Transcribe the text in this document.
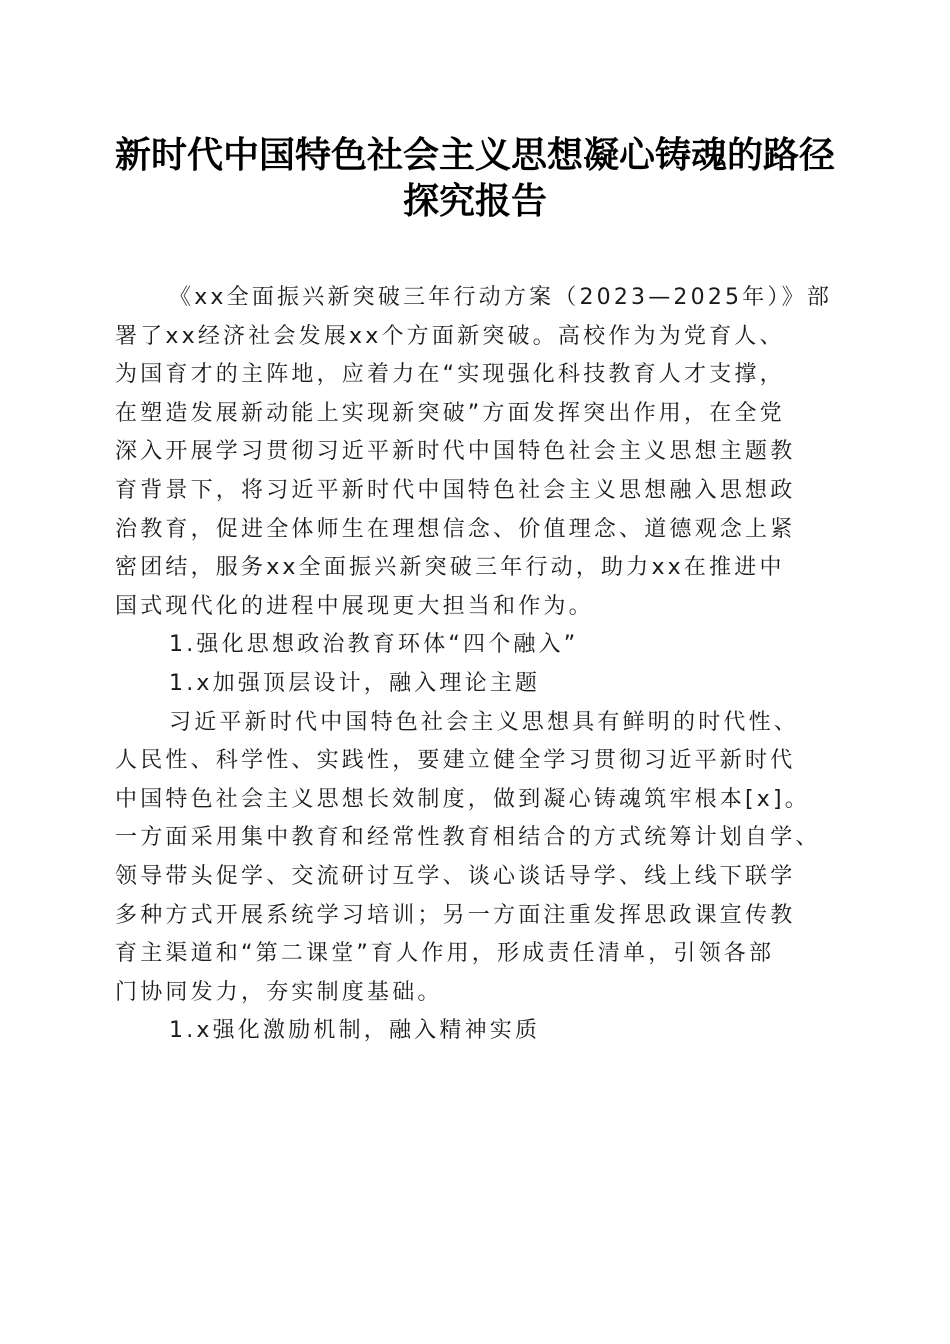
新时代中国特色社会主义思想凝心铸魂的路径
探究报告
《xx全面振兴新突破三年行动方案（2023—2025年）》部
署了xx经济社会发展xx个方面新突破。高校作为为党育人、
为国育才的主阵地，应着力在“实现强化科技教育人才支撑，
在塑造发展新动能上实现新突破”方面发挥突出作用，在全党
深入开展学习贯彻习近平新时代中国特色社会主义思想主题教
育背景下，将习近平新时代中国特色社会主义思想融入思想政
治教育，促进全体师生在理想信念、价值理念、道德观念上紧
密团结，服务xx全面振兴新突破三年行动，助力xx在推进中
国式现代化的进程中展现更大担当和作为。
1.强化思想政治教育环体“四个融入”
1.x加强顶层设计，融入理论主题
习近平新时代中国特色社会主义思想具有鲜明的时代性、
人民性、科学性、实践性，要建立健全学习贯彻习近平新时代
中国特色社会主义思想长效制度，做到凝心铸魂筑牢根本[x]。
一方面采用集中教育和经常性教育相结合的方式统筹计划自学、
领导带头促学、交流研讨互学、谈心谈话导学、线上线下联学
多种方式开展系统学习培训；另一方面注重发挥思政课宣传教
育主渠道和“第二课堂”育人作用，形成责任清单，引领各部
门协同发力，夯实制度基础。
1.x强化激励机制，融入精神实质
